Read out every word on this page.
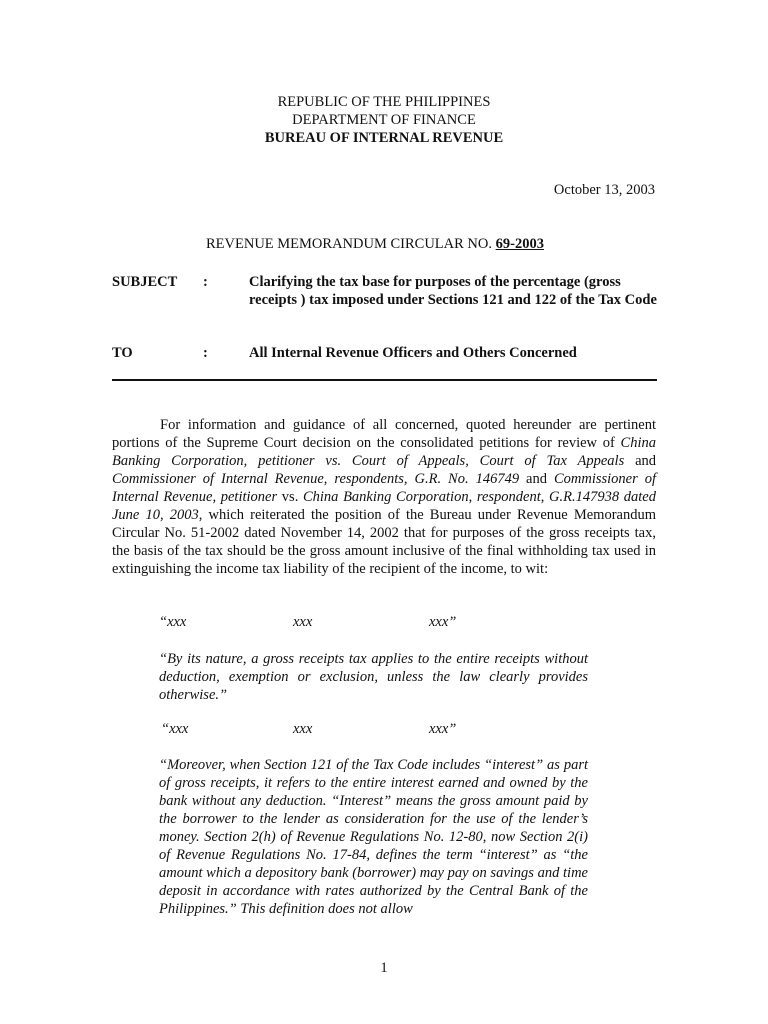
REPUBLIC OF THE PHILIPPINES
DEPARTMENT OF FINANCE
BUREAU OF INTERNAL REVENUE
October 13, 2003
REVENUE MEMORANDUM CIRCULAR NO. 69-2003
SUBJECT :	Clarifying the tax base for purposes of the percentage (gross receipts ) tax imposed under Sections 121 and 122 of the Tax Code
TO	:	All Internal Revenue Officers and Others Concerned
For information and guidance of all concerned, quoted hereunder are pertinent portions of the Supreme Court decision on the consolidated petitions for review of China Banking Corporation, petitioner vs. Court of Appeals, Court of Tax Appeals and Commissioner of Internal Revenue, respondents, G.R. No. 146749 and Commissioner of Internal Revenue, petitioner vs. China Banking Corporation, respondent, G.R.147938 dated June 10, 2003, which reiterated the position of the Bureau under Revenue Memorandum Circular No. 51-2002 dated November 14, 2002 that for purposes of the gross receipts tax, the basis of the tax should be the gross amount inclusive of the final withholding tax used in extinguishing the income tax liability of the recipient of the income, to wit:
“xxx	xxx	xxx”
“By its nature, a gross receipts tax applies to the entire receipts without deduction, exemption or exclusion, unless the law clearly provides otherwise.”
“xxx	xxx	xxx”
“Moreover, when Section 121 of the Tax Code includes “interest” as part of gross receipts, it refers to the entire interest earned and owned by the bank without any deduction. “Interest” means the gross amount paid by the borrower to the lender as consideration for the use of the lender’s money. Section 2(h) of Revenue Regulations No. 12-80, now Section 2(i) of Revenue Regulations No. 17-84, defines the term “interest” as “the amount which a depository bank (borrower) may pay on savings and time deposit in accordance with rates authorized by the Central Bank of the Philippines.” This definition does not allow
1
